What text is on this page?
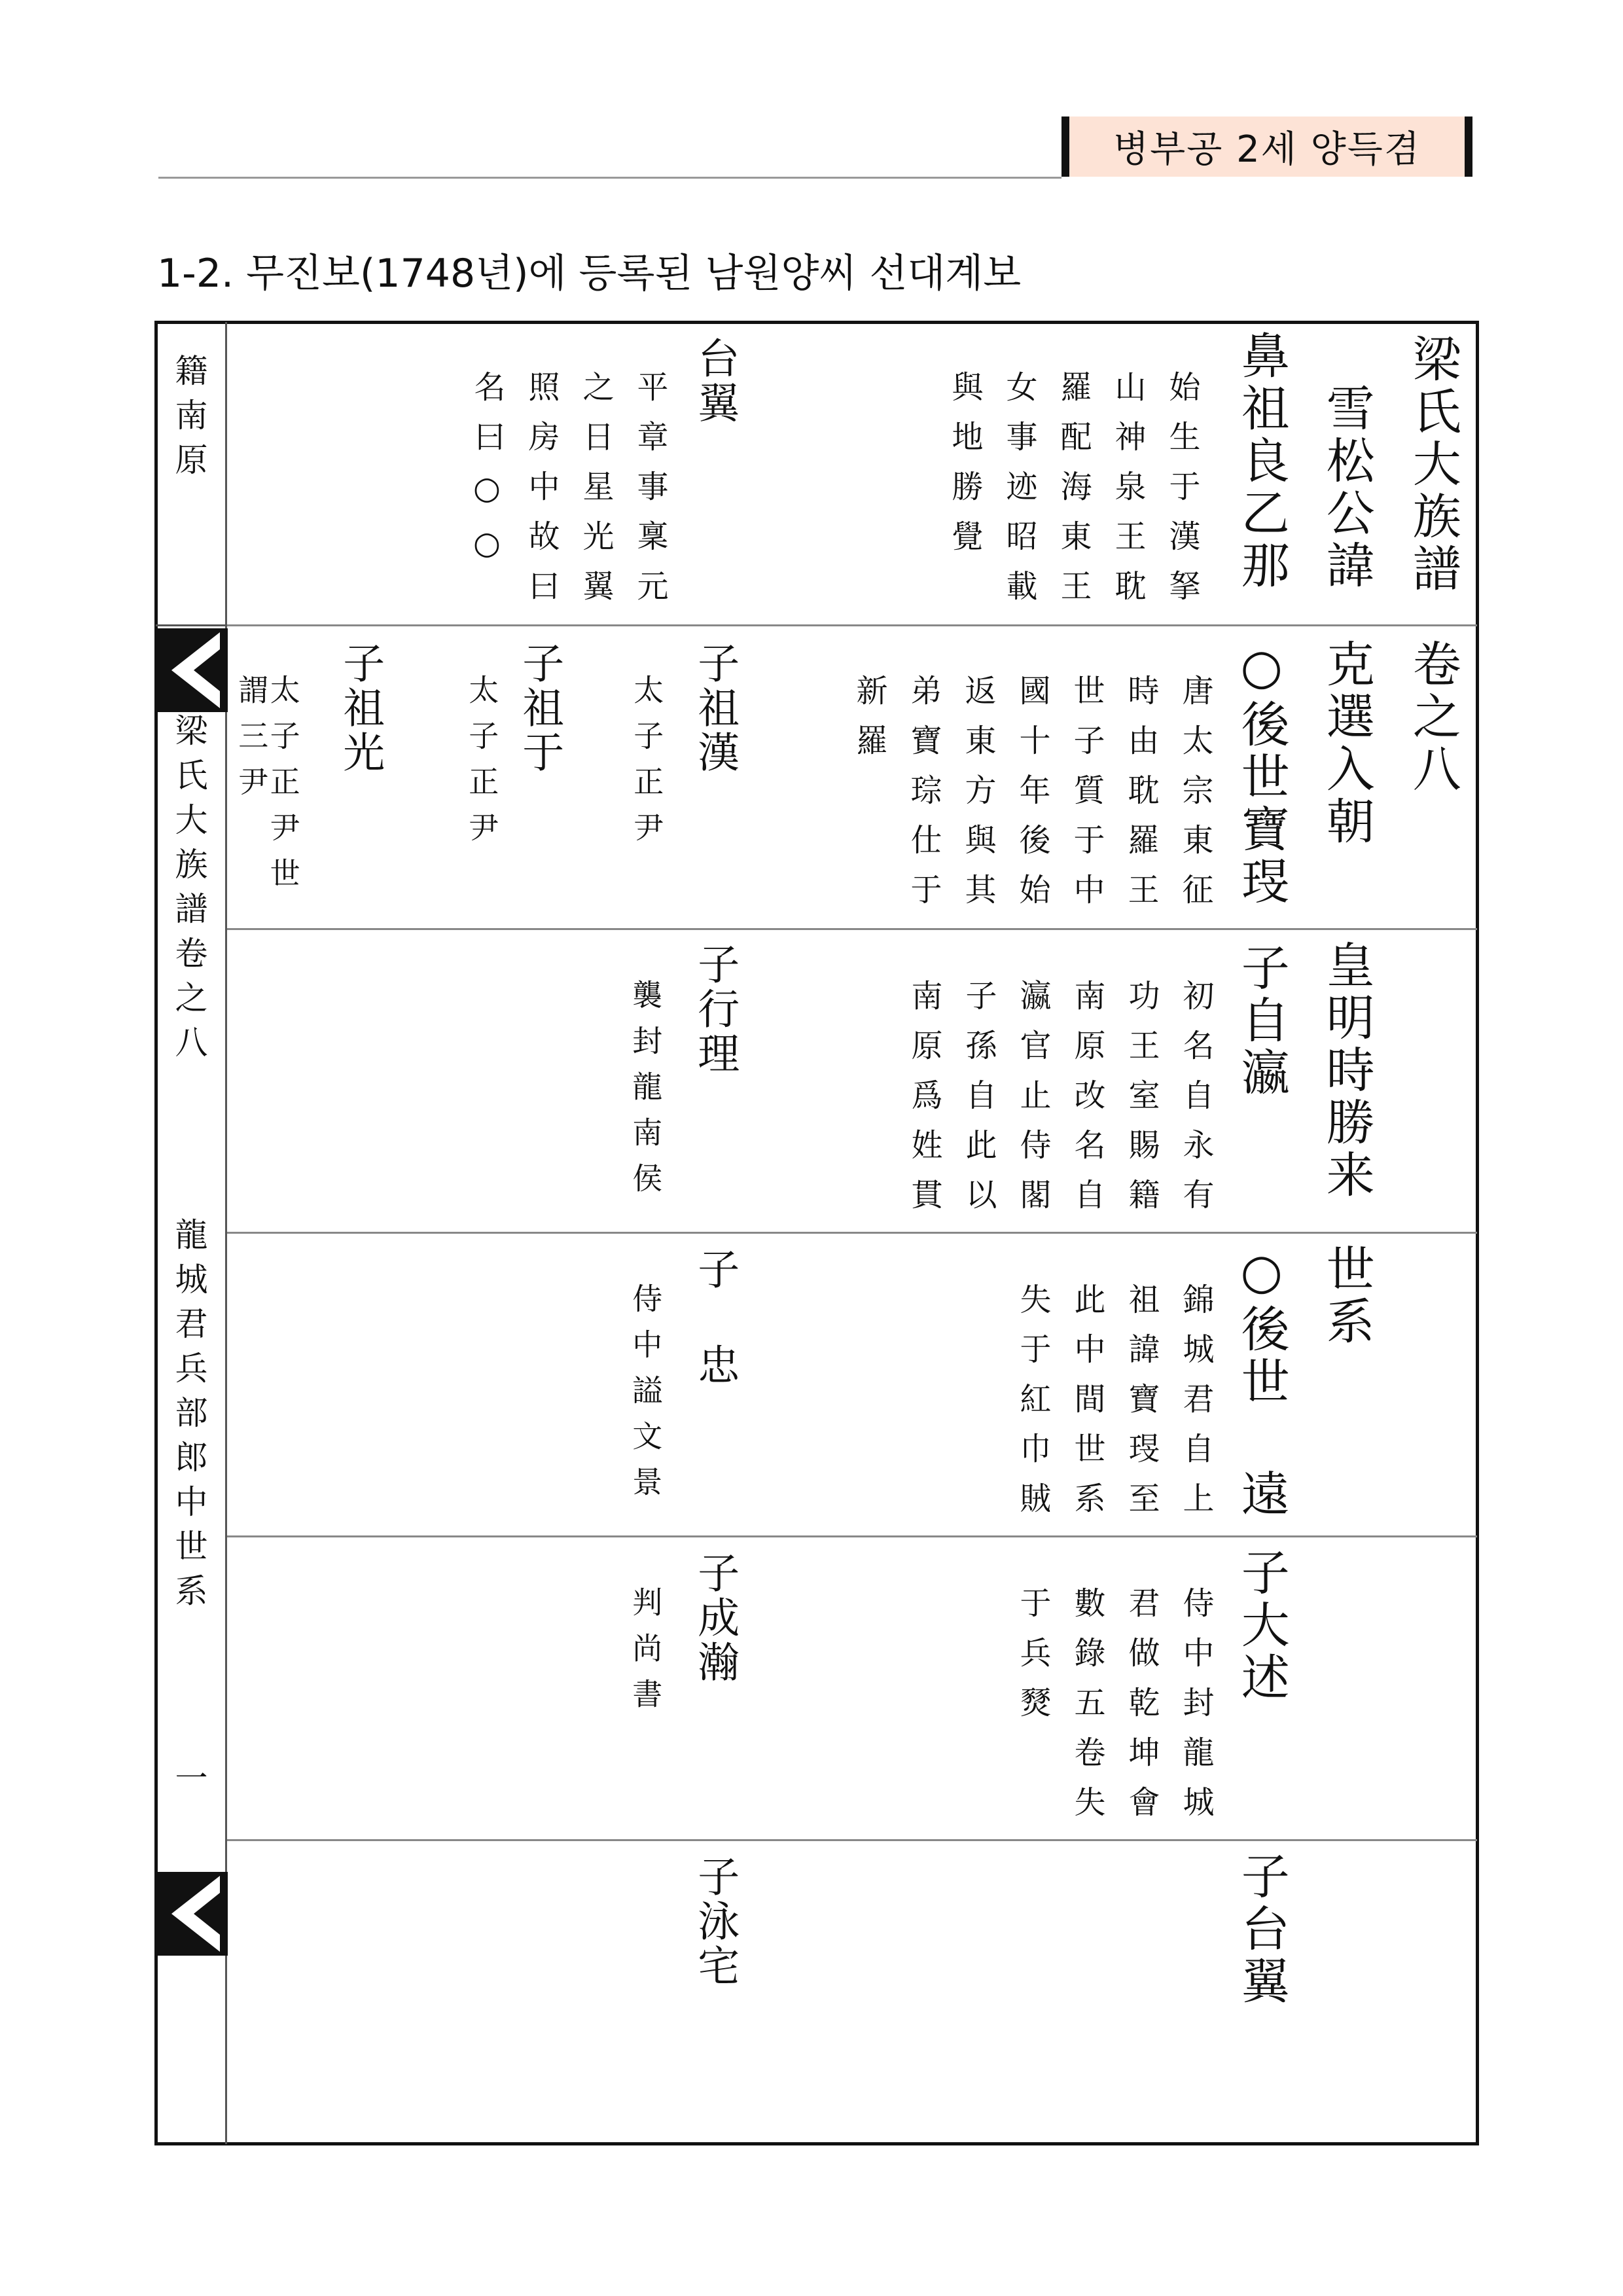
병부공 2세 양득겸
1-2. 무진보(1748년)에 등록된 남원양씨 선대계보
籍南原
梁氏大族譜卷之八
龍城君兵部郎中世系
一
梁氏大族譜
雪松公諱
鼻祖良乙那
始生于漢拏
山神泉王耽
羅配海東王
女事迹昭載
與地勝覺
台翼
平章事稟元
之日星光翼
照房中故曰
名曰○○
卷之八
克選入朝
○後世寶琝
唐太宗東征
時由耽羅王
世子質于中
國十年後始
返東方與其
弟寶琮仕于
新羅
子祖漢
太子正尹
子祖于
太子正尹
子祖光
太子正尹世
謂三尹
皇明時勝来
子自瀛
初名自永有
功王室賜籍
南原改名自
瀛官止侍閣
子孫自此以
南原爲姓貫
子行理
襲封龍南侯
世系
○後世 遠
錦城君自上
祖諱寶琝至
此中間世系
失于紅巾賊
子 忠
侍中謚文景
子大述
侍中封龍城
君做乾坤會
數錄五卷失
于兵燹
子成瀚
判尚書
子台翼
子泳宅
